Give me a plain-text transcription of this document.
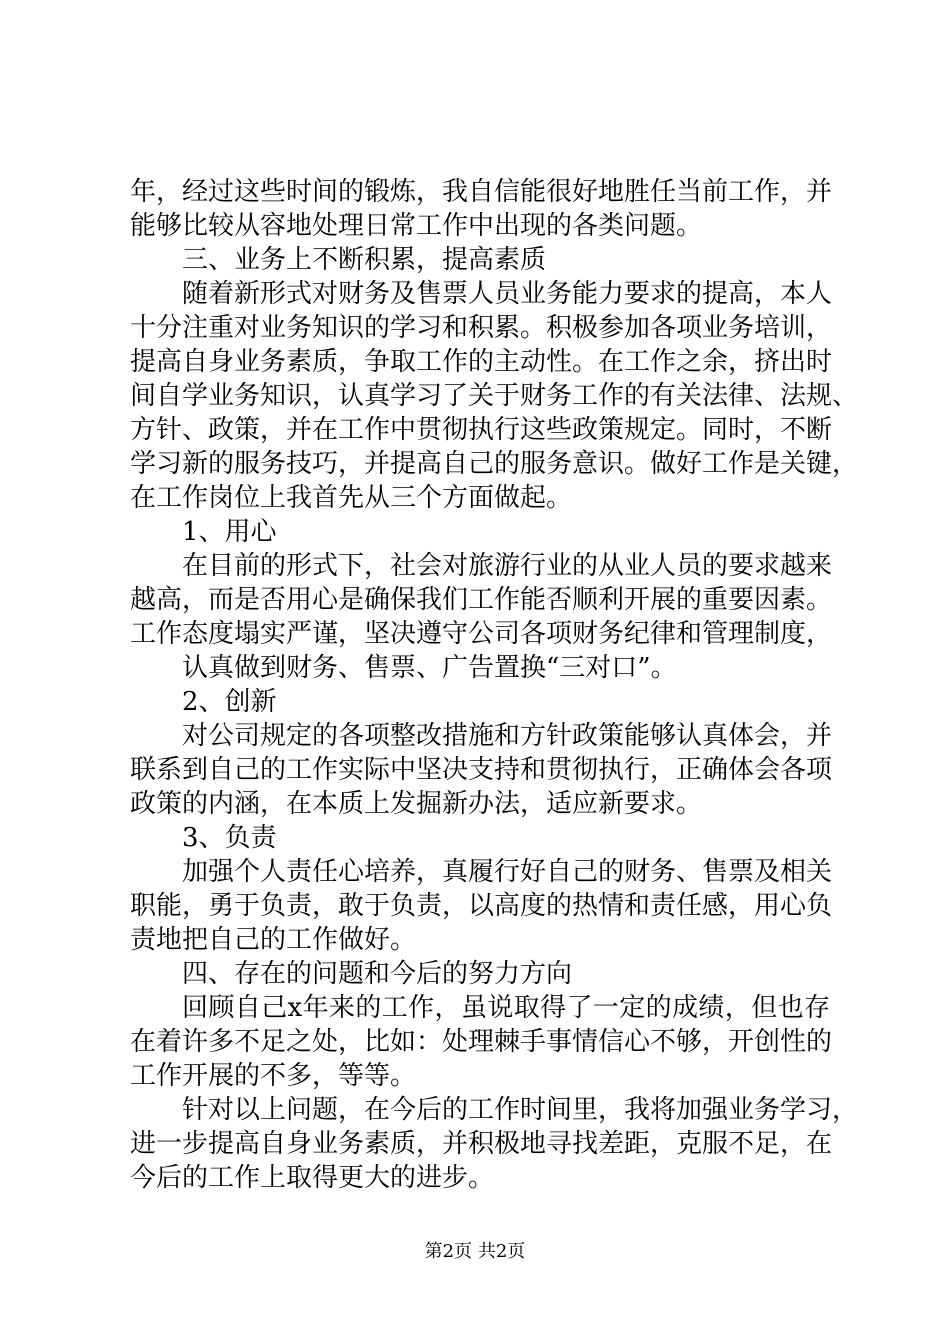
年，经过这些时间的锻炼，我自信能很好地胜任当前工作，并
能够比较从容地处理日常工作中出现的各类问题。
三、业务上不断积累，提高素质
随着新形式对财务及售票人员业务能力要求的提高，本人
十分注重对业务知识的学习和积累。积极参加各项业务培训，
提高自身业务素质，争取工作的主动性。在工作之余，挤出时
间自学业务知识，认真学习了关于财务工作的有关法律、法规、
方针、政策，并在工作中贯彻执行这些政策规定。同时，不断
学习新的服务技巧，并提高自己的服务意识。做好工作是关键，
在工作岗位上我首先从三个方面做起。
1、用心
在目前的形式下，社会对旅游行业的从业人员的要求越来
越高，而是否用心是确保我们工作能否顺利开展的重要因素。
工作态度塌实严谨，坚决遵守公司各项财务纪律和管理制度，
认真做到财务、售票、广告置换“三对口”。
2、创新
对公司规定的各项整改措施和方针政策能够认真体会，并
联系到自己的工作实际中坚决支持和贯彻执行，正确体会各项
政策的内涵，在本质上发掘新办法，适应新要求。
3、负责
加强个人责任心培养，真履行好自己的财务、售票及相关
职能，勇于负责，敢于负责，以高度的热情和责任感，用心负
责地把自己的工作做好。
四、存在的问题和今后的努力方向
回顾自己x年来的工作，虽说取得了一定的成绩，但也存
在着许多不足之处，比如：处理棘手事情信心不够，开创性的
工作开展的不多，等等。
针对以上问题，在今后的工作时间里，我将加强业务学习，
进一步提高自身业务素质，并积极地寻找差距，克服不足，在
今后的工作上取得更大的进步。
第2页 共2页
